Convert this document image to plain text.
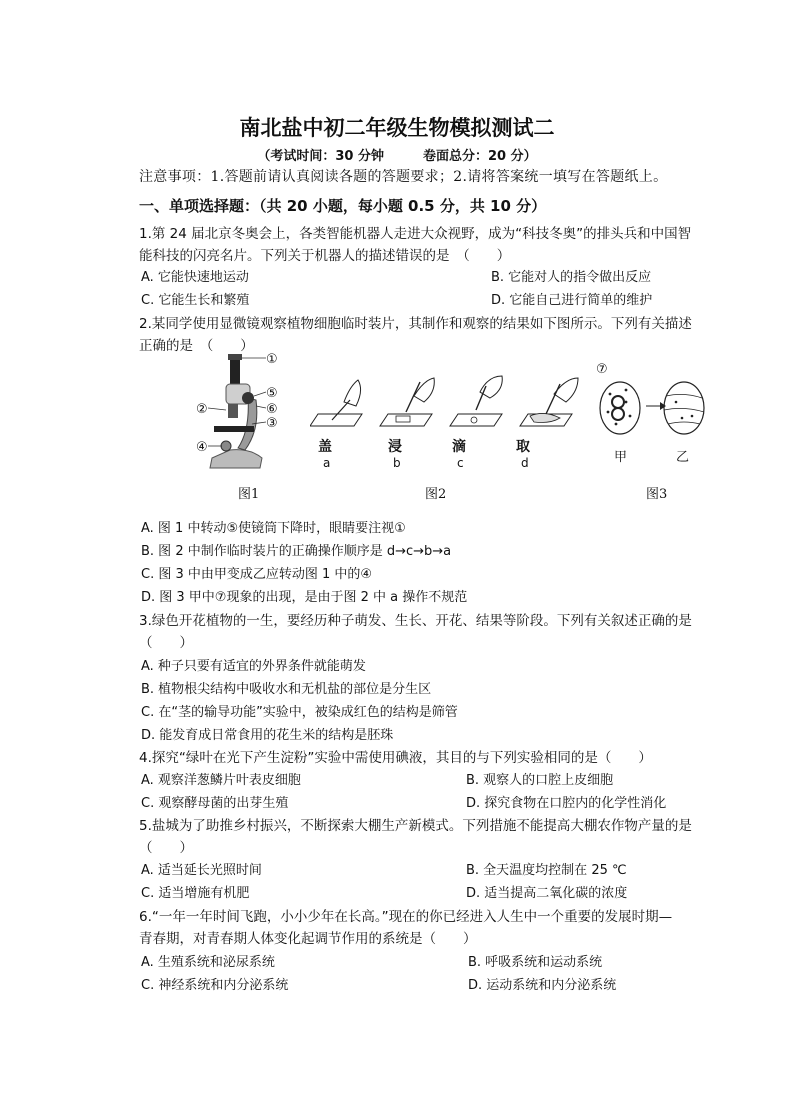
南北盐中初二年级生物模拟测试二
（考试时间：30 分钟　　　卷面总分：20 分）
注意事项：1.答题前请认真阅读各题的答题要求；2.请将答案统一填写在答题纸上。
一、单项选择题：（共 20 小题，每小题 0.5 分，共 10 分）
1.第 24 届北京冬奥会上，各类智能机器人走进大众视野，成为“科技冬奥”的排头兵和中国智
能科技的闪亮名片。下列关于机器人的描述错误的是　（　　）
A. 它能快速地运动	B. 它能对人的指令做出反应
C. 它能生长和繁殖	D. 它能自己进行简单的维护
2.某同学使用显微镜观察植物细胞临时装片，其制作和观察的结果如下图所示。下列有关描述
正确的是　（　　）
①
⑤
②	⑥
③
④
图1
盖
a
浸
b
滴
c
取
d
图2
⑦
甲	乙
图3
A. 图 1 中转动⑤使镜筒下降时，眼睛要注视①
B. 图 2 中制作临时装片的正确操作顺序是 d→c→b→a
C. 图 3 中由甲变成乙应转动图 1 中的④
D. 图 3 甲中⑦现象的出现，是由于图 2 中 a 操作不规范
3.绿色开花植物的一生，要经历种子萌发、生长、开花、结果等阶段。下列有关叙述正确的是
（　　）
A. 种子只要有适宜的外界条件就能萌发
B. 植物根尖结构中吸收水和无机盐的部位是分生区
C. 在“茎的输导功能”实验中，被染成红色的结构是筛管
D. 能发育成日常食用的花生米的结构是胚珠
4.探究“绿叶在光下产生淀粉”实验中需使用碘液，其目的与下列实验相同的是（　　）
A. 观察洋葱鳞片叶表皮细胞	B. 观察人的口腔上皮细胞
C. 观察酵母菌的出芽生殖	D. 探究食物在口腔内的化学性消化
5.盐城为了助推乡村振兴，不断探索大棚生产新模式。下列措施不能提高大棚农作物产量的是
（　　）
A. 适当延长光照时间	B. 全天温度均控制在 25 ℃
C. 适当增施有机肥	D. 适当提高二氧化碳的浓度
6.“一年一年时间飞跑，小小少年在长高。”现在的你已经进入人生中一个重要的发展时期—
青春期，对青春期人体变化起调节作用的系统是（　　）
A. 生殖系统和泌尿系统	B. 呼吸系统和运动系统
C. 神经系统和内分泌系统	D. 运动系统和内分泌系统
